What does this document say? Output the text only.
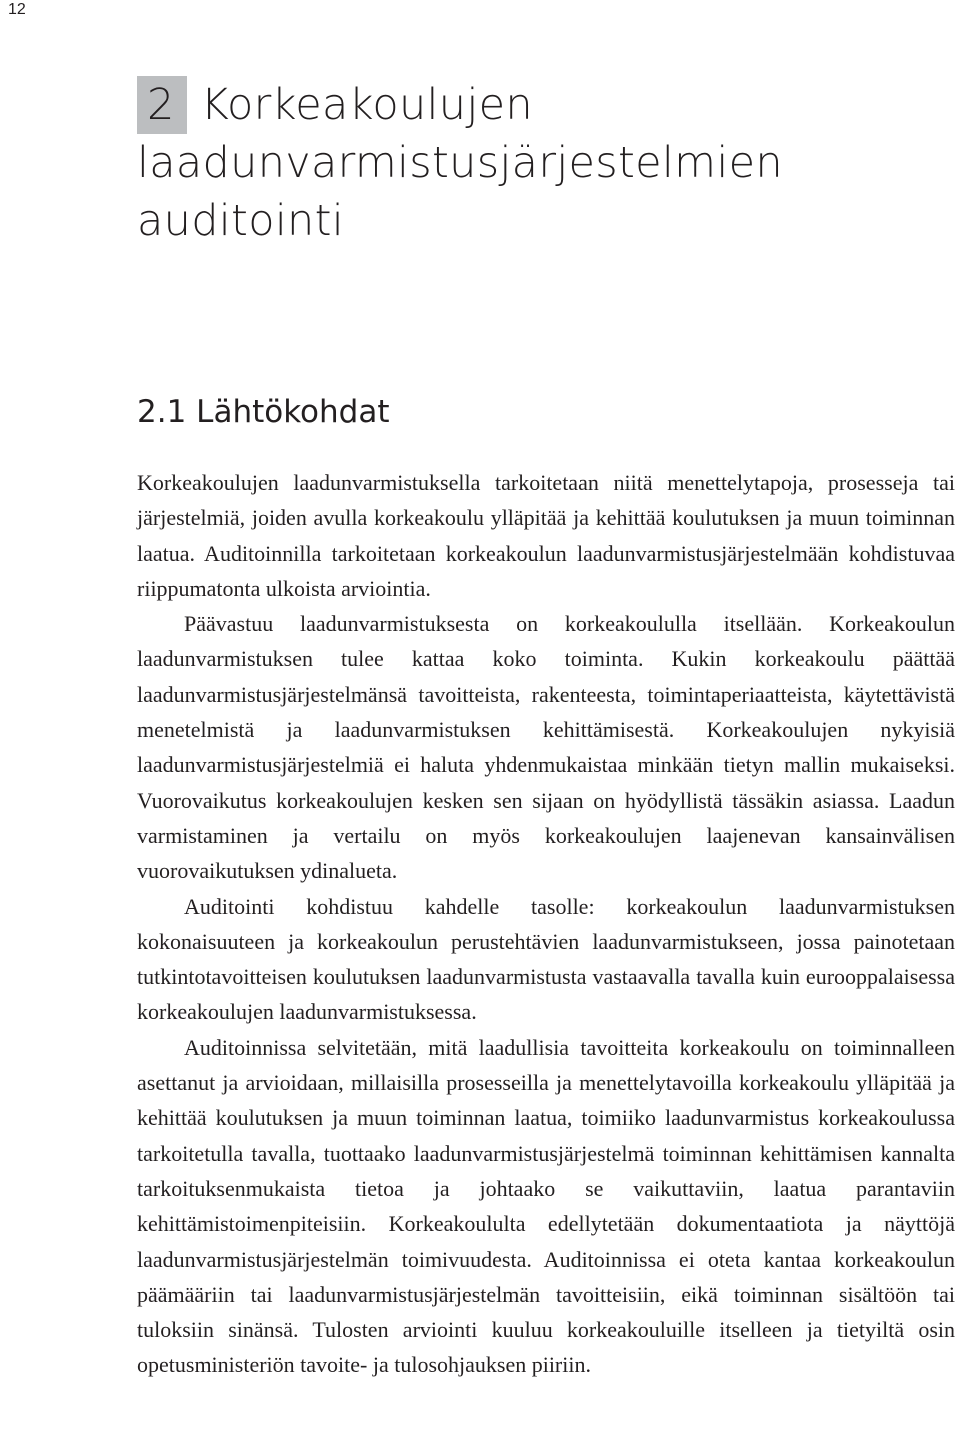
12
2 Korkeakoulujen laadunvarmistusjärjestelmien auditointi
2.1 Lähtökohdat

Korkeakoulujen laadunvarmistuksella tarkoitetaan niitä menettelytapoja, prosesseja tai järjestelmiä, joiden avulla korkeakoulu ylläpitää ja kehittää koulutuksen ja muun toiminnan laatua. Auditoinnilla tarkoitetaan korkeakoulun laadunvarmistusjärjestelmään kohdistuvaa riippumatonta ulkoista arviointia.

Päävastuu laadunvarmistuksesta on korkeakoululla itsellään. Korkeakoulun laadunvarmistuksen tulee kattaa koko toiminta. Kukin korkeakoulu päättää laadunvarmistusjärjestelmänsä tavoitteista, rakenteesta, toimintaperiaatteista, käytettävistä menetelmistä ja laadunvarmistuksen kehittämisestä. Korkeakoulujen nykyisiä laadunvarmistusjärjestelmiä ei haluta yhdenmukaistaa minkään tietyn mallin mukaiseksi. Vuorovaikutus korkeakoulujen kesken sen sijaan on hyödyllistä tässäkin asiassa. Laadun varmistaminen ja vertailu on myös korkeakoulujen laajenevan kansainvälisen vuorovaikutuksen ydinalueta.

Auditointi kohdistuu kahdelle tasolle: korkeakoulun laadunvarmistuksen kokonaisuuteen ja korkeakoulun perustehtävien laadunvarmistukseen, jossa painotetaan tutkintotavoitteisen koulutuksen laadunvarmistusta vastaavalla tavalla kuin eurooppalaisessa korkeakoulujen laadunvarmistuksessa.

Auditoinnissa selvitetään, mitä laadullisia tavoitteita korkeakoulu on toiminnalleen asettanut ja arvioidaan, millaisilla prosesseilla ja menettelytavoilla korkeakoulu ylläpitää ja kehittää koulutuksen ja muun toiminnan laatua, toimiiko laadunvarmistus korkeakoulussa tarkoitetulla tavalla, tuottaako laadunvarmistusjärjestelmä toiminnan kehittämisen kannalta tarkoituksenmukaista tietoa ja johtaako se vaikuttaviin, laatua parantaviin kehittämistoimenpiteisiin. Korkeakoululta edellytetään dokumentaatiota ja näyttöjä laadunvarmistusjärjestelmän toimivuudesta. Auditoinnissa ei oteta kantaa korkeakoulun päämääriin tai laadunvarmistusjärjestelmän tavoitteisiin, eikä toiminnan sisältöön tai tuloksiin sinänsä. Tulosten arviointi kuuluu korkeakouluille itselleen ja tietyiltä osin opetusministeriön tavoite- ja tulosohjauksen piiriin.
